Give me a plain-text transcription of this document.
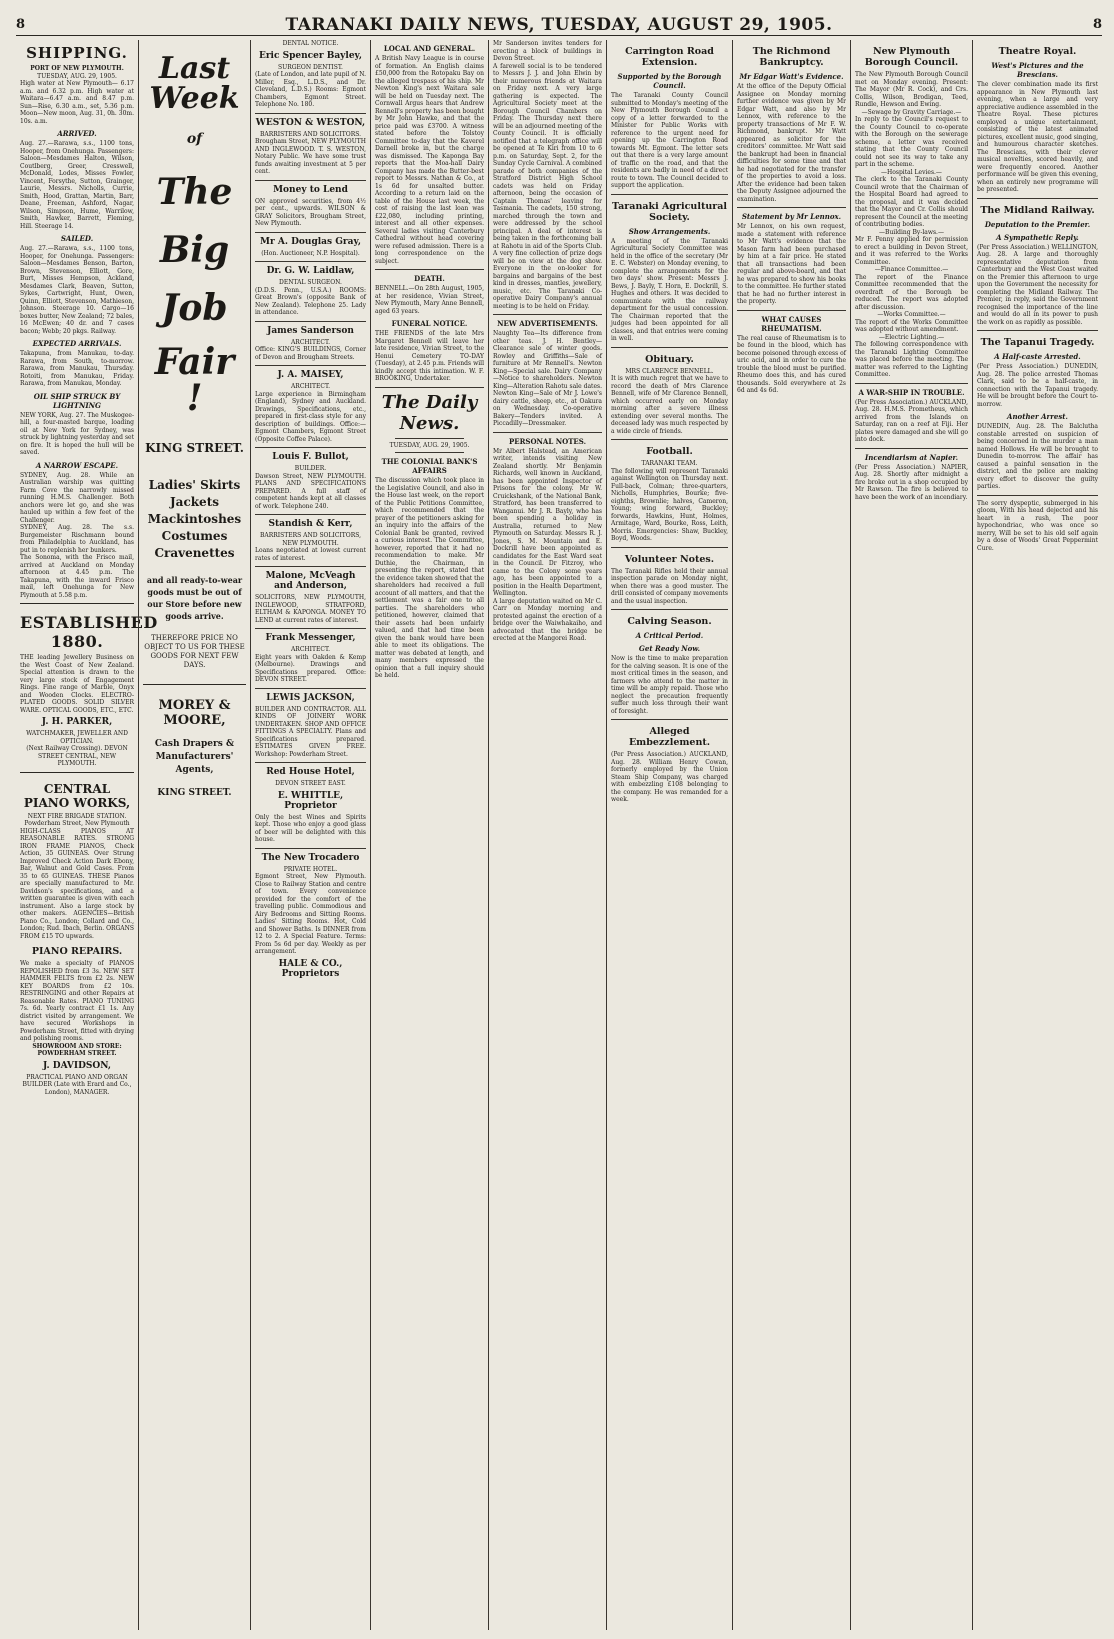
8	TARANAKI DAILY NEWS, TUESDAY, AUGUST 29, 1905.	8
SHIPPING.

PORT OF NEW PLYMOUTH.

TUESDAY, AUG. 29, 1905.

High water at New Plymouth— 6.17 a.m. and 6.32 p.m. High water at Waitara—6.47 a.m. and 8.47 p.m. Sun—Rise, 6.30 a.m., set, 5.36 p.m. Moon—New moon, Aug. 31, 0h. 30m. 10s. a.m.

ARRIVED.

Aug. 27.—Rarawa, s.s., 1100 tons, Hooper, from Onehunga. Passengers: Saloon—Mesdames Halton, Wilson, Coutlberg, Greer, Cresswell, McDonald, Lodes, Misses Fowler, Vincent, Forsythe, Sutton, Grainger, Laurie, Messrs. Nicholls, Currie, Smith, Hood, Grattan, Martin, Barr, Deane, Freeman, Ashford, Nagar, Wilson, Simpson, Hume, Warrilow, Smith, Hawker, Barrett, Fleming, Hill. Steerage 14.

SAILED.

Aug. 27.—Rarawa, s.s., 1100 tons, Hooper, for Onehunga. Passengers: Saloon—Mesdames Benson, Barton, Brown, Stevenson, Elliott, Gore, Burt, Misses Hempson, Ackland, Mesdames Clark, Beaven, Sutton, Sykes, Cartwright, Hunt, Owen, Quinn, Elliott, Stevenson, Mathieson, Johnson. Steerage 10. Cargo—16 boxes butter, New Zealand; 72 bales, 16 McEwen; 40 dr. and 7 cases bacon; Webb; 20 pkgs. Railway.

EXPECTED ARRIVALS.

Takapuna, from Manukau, to-day. Rarawa, from South, to-morrow. Rarawa, from Manukau, Thursday. Rotoiti, from Manukau, Friday. Rarawa, from Manukau, Monday.

OIL SHIP STRUCK BY LIGHTNING

NEW YORK, Aug. 27. The Muskogee-hill, a four-masted barque, loading oil at New York for Sydney, was struck by lightning yesterday and set on fire. It is hoped the hull will be saved.

A NARROW ESCAPE.

SYDNEY, Aug. 28. While an Australian warship was quitting Farm Cove the narrowly missed running H.M.S. Challenger. Both anchors were let go, and she was hauled up within a few feet of the Challenger.

SYDNEY, Aug. 28. The s.s. Burgemeister Rischmann bound from Philadelphia to Auckland, has put in to replenish her bunkers.

The Sonoma, with the Frisco mail, arrived at Auckland on Monday afternoon at 4.45 p.m. The Takapuna, with the inward Frisco mail, left Onehunga for New Plymouth at 5.58 p.m.

ESTABLISHED 1880.

THE leading Jewellery Business on the West Coast of New Zealand. Special attention is drawn to the very large stock of Engagement Rings. Fine range of Marble, Onyx and Wooden Clocks. ELECTRO-PLATED GOODS. SOLID SILVER WARE. OPTICAL GOODS, ETC., ETC.

J. H. PARKER,

WATCHMAKER, JEWELLER AND OPTICIAN.

(Next Railway Crossing). DEVON STREET CENTRAL, NEW PLYMOUTH.

CENTRAL PIANO WORKS,

NEXT FIRE BRIGADE STATION. Powderham Street, New Plymouth

HIGH-CLASS PIANOS AT REASONABLE RATES. STRONG IRON FRAME PIANOS, Check Action, 35 GUINEAS. Over Strung Improved Check Action Dark Ebony, Bar, Walnut and Gold Cases. From 35 to 65 GUINEAS. THESE Pianos are specially manufactured to Mr. Davidson's specifications, and a written guarantee is given with each instrument. Also a large stock by other makers. AGENCIES—British Piano Co., London; Collard and Co., London; Rud. Ibach, Berlin. ORGANS FROM £15 TO upwards.

PIANO REPAIRS.

We make a specialty of PIANOS REPOLISHED from £3 3s. NEW SET HAMMER FELTS from £2 2s. NEW KEY BOARDS from £2 10s. RESTRINGING and other Repairs at Reasonable Rates. PIANO TUNING 7s. 6d. Yearly contract £1 1s. Any district visited by arrangement. We have secured Workshops in Powderham Street, fitted with drying and polishing rooms.

SHOWROOM AND STORE: POWDERHAM STREET.

J. DAVIDSON,

PRACTICAL PIANO AND ORGAN BUILDER (Late with Erard and Co., London), MANAGER.

Last Week
of
The
Big
Job
Fair !
KING STREET.
Ladies' Skirts
Jackets
Mackintoshes
Costumes
Cravenettes
and all ready-to-wear goods must be out of our Store before new goods arrive.
THEREFORE PRICE NO OBJECT TO US FOR THESE GOODS FOR NEXT FEW DAYS.
MOREY & MOORE,
Cash Drapers & Manufacturers' Agents,
KING STREET.

DENTAL NOTICE.

Eric Spencer Bayley,

SURGEON DENTIST.

(Late of London, and late pupil of N. Miller, Esq., L.D.S., and Dr. Cleveland, L.D.S.) Rooms: Egmont Chambers, Egmont Street. Telephone No. 180.

WESTON & WESTON,

BARRISTERS AND SOLICITORS.

Brougham Street, NEW PLYMOUTH AND INGLEWOOD. T. S. WESTON, Notary Public. We have some trust funds awaiting investment at 5 per cent.

Money to Lend

ON approved securities, from 4½ per cent., upwards. WILSON & GRAY Solicitors, Brougham Street, New Plymouth.

Mr A. Douglas Gray,

(Hon. Auctioneer, N.P. Hospital).

Dr. G. W. Laidlaw,

DENTAL SURGEON.

(D.D.S. Penn., U.S.A.) ROOMS: Great Brown's (opposite Bank of New Zealand). Telephone 25. Lady in attendance.

James Sanderson

ARCHITECT.

Office: KING'S BUILDINGS, Corner of Devon and Brougham Streets.

J. A. MAISEY,

ARCHITECT.

Large experience in Birmingham (England), Sydney and Auckland. Drawings, Specifications, etc., prepared in first-class style for any description of buildings. Office:— Egmont Chambers, Egmont Street (Opposite Coffee Palace).

Louis F. Bullot,

BUILDER.

Dawson Street, NEW PLYMOUTH. PLANS AND SPECIFICATIONS PREPARED. A full staff of competent hands kept at all classes of work. Telephone 240.

Standish & Kerr,

BARRISTERS AND SOLICITORS, NEW PLYMOUTH.

Loans negotiated at lowest current rates of interest.

Malone, McVeagh and Anderson,

SOLICITORS, NEW PLYMOUTH, INGLEWOOD, STRATFORD, ELTHAM & KAPONGA. MONEY TO LEND at current rates of interest.

Frank Messenger,

ARCHITECT.

Eight years with Oakden & Kemp (Melbourne). Drawings and Specifications prepared. Office: DEVON STREET.

LEWIS JACKSON,

BUILDER AND CONTRACTOR. ALL KINDS OF JOINERY WORK UNDERTAKEN. SHOP AND OFFICE FITTINGS A SPECIALTY. Plans and Specifications prepared. ESTIMATES GIVEN FREE. Workshop: Powderham Street.

Red House Hotel,

DEVON STREET EAST.

E. WHITTLE, Proprietor

Only the best Wines and Spirits kept. Those who enjoy a good glass of beer will be delighted with this house.

The New Trocadero

PRIVATE HOTEL.

Egmont Street, New Plymouth. Close to Railway Station and centre of town. Every convenience provided for the comfort of the travelling public. Commodious and Airy Bedrooms and Sitting Rooms. Ladies' Sitting Rooms. Hot, Cold and Shower Baths. Is DINNER from 12 to 2. A Special Feature. Terms: From 5s 6d per day. Weekly as per arrangement.

HALE & CO., Proprietors
LOCAL AND GENERAL.

A British Navy League is in course of formation. An English claims £50,000 from the Rotopaku Bay on the alleged trespass of his ship. Mr Newton King's next Waitara sale will be held on Tuesday next. The Cornwall Argus hears that Andrew Rennell's property has been bought by Mr John Hawke, and that the price paid was £3700. A witness stated before the Tolstoy Committee to-day that the Kaverel Darnell broke in, but the charge was dismissed. The Kaponga Bay reports that the Moa-hall Dairy Company has made the Butter-best report to Messrs. Nathan & Co., at 1s 6d for unsalted butter. According to a return laid on the table of the House last week, the cost of raising the last loan was £22,080, including printing, interest and all other expenses. Several ladies visiting Canterbury Cathedral without head covering were refused admission. There is a long correspondence on the subject.

DEATH.

BENNELL.—On 28th August, 1905, at her residence, Vivian Street, New Plymouth, Mary Anne Bennell, aged 63 years.

FUNERAL NOTICE.

THE FRIENDS of the late Mrs Margaret Bennell will leave her late residence, Vivian Street, to the Henui Cemetery TO-DAY (Tuesday), at 2.45 p.m. Friends will kindly accept this intimation. W. F. BROOKING, Undertaker.

The Daily News.

TUESDAY, AUG. 29, 1905.

THE COLONIAL BANK'S AFFAIRS

The discussion which took place in the Legislative Council, and also in the House last week, on the report of the Public Petitions Committee, which recommended that the prayer of the petitioners asking for an inquiry into the affairs of the Colonial Bank be granted, revived a curious interest. The Committee, however, reported that it had no recommendation to make. Mr Duthie, the Chairman, in presenting the report, stated that the evidence taken showed that the shareholders had received a full account of all matters, and that the settlement was a fair one to all parties. The shareholders who petitioned, however, claimed that their assets had been unfairly valued, and that had time been given the bank would have been able to meet its obligations. The matter was debated at length, and many members expressed the opinion that a full inquiry should be held.

Mr Sanderson invites tenders for erecting a block of buildings in Devon Street.

A farewell social is to be tendered to Messrs J. J. and John Elwin by their numerous friends at Waitara on Friday next. A very large gathering is expected. The Agricultural Society meet at the Borough Council Chambers on Friday. The Thursday next there will be an adjourned meeting of the County Council. It is officially notified that a telegraph office will be opened at Te Kiri from 10 to 6 p.m. on Saturday, Sept. 2, for the Sunday Cycle Carnival. A combined parade of both companies of the Stratford District High School cadets was held on Friday afternoon, being the occasion of Captain Thomas' leaving for Tasmania. The cadets, 150 strong, marched through the town and were addressed by the school principal. A deal of interest is being taken in the forthcoming ball at Rahotu in aid of the Sports Club. A very fine collection of prize dogs will be on view at the dog show. Everyone in the on-looker for bargains and bargains of the best kind in dresses, mantles, jewellery, music, etc. The Taranaki Co-operative Dairy Company's annual meeting is to be held on Friday.

NEW ADVERTISEMENTS.

Naughty Tea—Its difference from other teas. J. H. Bentley—Clearance sale of winter goods. Rowley and Griffiths—Sale of furniture at Mr Rennell's. Newton King—Special sale. Dairy Company—Notice to shareholders. Newton King—Alteration Rahotu sale dates. Newton King—Sale of Mr J. Lowe's dairy cattle, sheep, etc., at Oakura on Wednesday. Co-operative Bakery—Tenders invited. A Piccadilly—Dressmaker.

PERSONAL NOTES.

Mr Albert Halstead, an American writer, intends visiting New Zealand shortly. Mr Benjamin Richards, well known in Auckland, has been appointed Inspector of Prisons for the colony. Mr W. Cruickshank, of the National Bank, Stratford, has been transferred to Wanganui. Mr J. R. Bayly, who has been spending a holiday in Australia, returned to New Plymouth on Saturday. Messrs R. J. Jones, S. M. Mountain and E. Dockrill have been appointed as candidates for the East Ward seat in the Council. Dr Fitzroy, who came to the Colony some years ago, has been appointed to a position in the Health Department, Wellington.

A large deputation waited on Mr C. Carr on Monday morning and protested against the erection of a bridge over the Waiwhakaiho, and advocated that the bridge be erected at the Mangorei Road.

Carrington Road Extension.
Supported by the Borough Council.

The Taranaki County Council submitted to Monday's meeting of the New Plymouth Borough Council a copy of a letter forwarded to the Minister for Public Works with reference to the urgent need for opening up the Carrington Road towards Mt. Egmont. The letter sets out that there is a very large amount of traffic on the road, and that the residents are badly in need of a direct route to town. The Council decided to support the application.

Taranaki Agricultural Society.
Show Arrangements.

A meeting of the Taranaki Agricultural Society Committee was held in the office of the secretary (Mr E. C. Webster) on Monday evening, to complete the arrangements for the two days' show. Present: Messrs J. Bews, J. Bayly, T. Horn, E. Dockrill, S. Hughes and others. It was decided to communicate with the railway department for the usual concession. The Chairman reported that the judges had been appointed for all classes, and that entries were coming in well.

Obituary.

MRS CLARENCE BENNELL.

It is with much regret that we have to record the death of Mrs Clarence Bennell, wife of Mr Clarence Bennell, which occurred early on Monday morning after a severe illness extending over several months. The deceased lady was much respected by a wide circle of friends.

Football.

TARANAKI TEAM.

The following will represent Taranaki against Wellington on Thursday next. Full-back, Colman; three-quarters, Nicholls, Humphries, Bourke; five-eighths, Brownlie; halves, Cameron, Young; wing forward, Buckley; forwards, Hawkins, Hunt, Holmes, Armitage, Ward, Bourke, Ross, Leith, Morris. Emergencies: Shaw, Buckley, Boyd, Woods.

Volunteer Notes.

The Taranaki Rifles held their annual inspection parade on Monday night, when there was a good muster. The drill consisted of company movements and the usual inspection.

Calving Season.
A Critical Period.
Get Ready Now.

Now is the time to make preparation for the calving season. It is one of the most critical times in the season, and farmers who attend to the matter in time will be amply repaid. Those who neglect the precaution frequently suffer much loss through their want of foresight.

Alleged Embezzlement.

(Per Press Association.) AUCKLAND, Aug. 28. William Henry Cowan, formerly employed by the Union Steam Ship Company, was charged with embezzling £108 belonging to the company. He was remanded for a week.

The Richmond Bankruptcy.
Mr Edgar Watt's Evidence.

At the office of the Deputy Official Assignee on Monday morning further evidence was given by Mr Edgar Watt, and also by Mr Lennox, with reference to the property transactions of Mr F. W. Richmond, bankrupt. Mr Watt appeared as solicitor for the creditors' committee. Mr Watt said the bankrupt had been in financial difficulties for some time and that he had negotiated for the transfer of the properties to avoid a loss. After the evidence had been taken the Deputy Assignee adjourned the examination.

Statement by Mr Lennox.

Mr Lennox, on his own request, made a statement with reference to Mr Watt's evidence that the Mason farm had been purchased by him at a fair price. He stated that all transactions had been regular and above-board, and that he was prepared to show his books to the committee. He further stated that he had no further interest in the property.

WHAT CAUSES RHEUMATISM.

The real cause of Rheumatism is to be found in the blood, which has become poisoned through excess of uric acid, and in order to cure the trouble the blood must be purified. Rheumo does this, and has cured thousands. Sold everywhere at 2s 6d and 4s 6d.

New Plymouth Borough Council.

The New Plymouth Borough Council met on Monday evening. Present: The Mayor (Mr R. Cock), and Crs. Collis, Wilson, Brodigan, Teed, Rundle, Hewson and Ewing.

—Sewage by Gravity Carriage.—

In reply to the Council's request to the County Council to co-operate with the Borough on the sewerage scheme, a letter was received stating that the County Council could not see its way to take any part in the scheme.

—Hospital Levies.—

The clerk to the Taranaki County Council wrote that the Chairman of the Hospital Board had agreed to the proposal, and it was decided that the Mayor and Cr. Collis should represent the Council at the meeting of contributing bodies.

—Building By-laws.—

Mr F. Penny applied for permission to erect a building in Devon Street, and it was referred to the Works Committee.

—Finance Committee.—

The report of the Finance Committee recommended that the overdraft of the Borough be reduced. The report was adopted after discussion.

—Works Committee.—

The report of the Works Committee was adopted without amendment.

—Electric Lighting.—

The following correspondence with the Taranaki Lighting Committee was placed before the meeting. The matter was referred to the Lighting Committee.

A WAR-SHIP IN TROUBLE.

(Per Press Association.) AUCKLAND, Aug. 28. H.M.S. Prometheus, which arrived from the Islands on Saturday, ran on a reef at Fiji. Her plates were damaged and she will go into dock.

Incendiarism at Napier.

(Per Press Association.) NAPIER, Aug. 28. Shortly after midnight a fire broke out in a shop occupied by Mr Rawson. The fire is believed to have been the work of an incendiary.

Theatre Royal.
West's Pictures and the Brescians.

The clever combination made its first appearance in New Plymouth last evening, when a large and very appreciative audience assembled in the Theatre Royal. These pictures employed a unique entertainment, consisting of the latest animated pictures, excellent music, good singing, and humourous character sketches. The Brescians, with their clever musical novelties, scored heavily, and were frequently encored. Another performance will be given this evening, when an entirely new programme will be presented.

The Midland Railway.
Deputation to the Premier.
A Sympathetic Reply.

(Per Press Association.) WELLINGTON, Aug. 28. A large and thoroughly representative deputation from Canterbury and the West Coast waited on the Premier this afternoon to urge upon the Government the necessity for completing the Midland Railway. The Premier, in reply, said the Government recognised the importance of the line and would do all in its power to push the work on as rapidly as possible.

The Tapanui Tragedy.
A Half-caste Arrested.

(Per Press Association.) DUNEDIN, Aug. 28. The police arrested Thomas Clark, said to be a half-caste, in connection with the Tapanui tragedy. He will be brought before the Court to-morrow.

Another Arrest.

DUNEDIN, Aug. 28. The Balclutha constable arrested on suspicion of being concerned in the murder a man named Hollows. He will be brought to Dunedin to-morrow. The affair has caused a painful sensation in the district, and the police are making every effort to discover the guilty parties.

The sorry dyspeptic, submerged in his gloom, With his head dejected and his heart in a rush, The poor hypochondriac, who was once so merry, Will be set to his old self again by a dose of Woods' Great Peppermint Cure.
